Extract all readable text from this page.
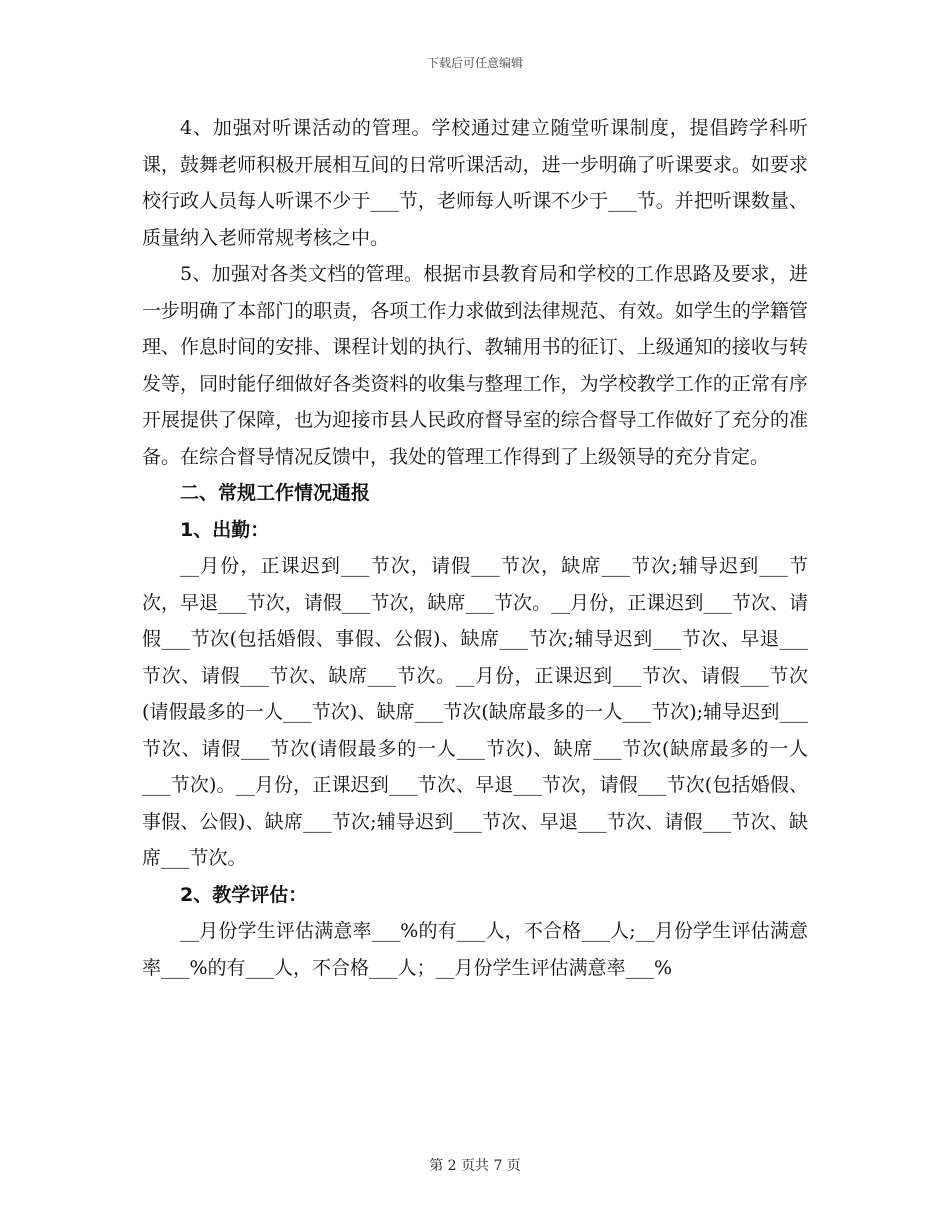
下载后可任意编辑

4、加强对听课活动的管理。学校通过建立随堂听课制度，提倡跨学科听课，鼓舞老师积极开展相互间的日常听课活动，进一步明确了听课要求。如要求校行政人员每人听课不少于___节，老师每人听课不少于___节。并把听课数量、质量纳入老师常规考核之中。

5、加强对各类文档的管理。根据市县教育局和学校的工作思路及要求，进一步明确了本部门的职责，各项工作力求做到法律规范、有效。如学生的学籍管理、作息时间的安排、课程计划的执行、教辅用书的征订、上级通知的接收与转发等，同时能仔细做好各类资料的收集与整理工作，为学校教学工作的正常有序开展提供了保障，也为迎接市县人民政府督导室的综合督导工作做好了充分的准备。在综合督导情况反馈中，我处的管理工作得到了上级领导的充分肯定。

二、常规工作情况通报

1、出勤：

__月份，正课迟到___节次，请假___节次，缺席___节次;辅导迟到___节次，早退___节次，请假___节次，缺席___节次。__月份，正课迟到___节次、请假___节次(包括婚假、事假、公假)、缺席___节次;辅导迟到___节次、早退___节次、请假___节次、缺席___节次。__月份，正课迟到___节次、请假___节次(请假最多的一人___节次)、缺席___节次(缺席最多的一人___节次);辅导迟到___节次、请假___节次(请假最多的一人___节次)、缺席___节次(缺席最多的一人___节次)。__月份，正课迟到___节次、早退___节次，请假___节次(包括婚假、事假、公假)、缺席___节次;辅导迟到___节次、早退___节次、请假___节次、缺席___节次。

2、教学评估：

__月份学生评估满意率___%的有___人，不合格___人;__月份学生评估满意率___%的有___人，不合格___人；__月份学生评估满意率___%

第 2 页共 7 页
